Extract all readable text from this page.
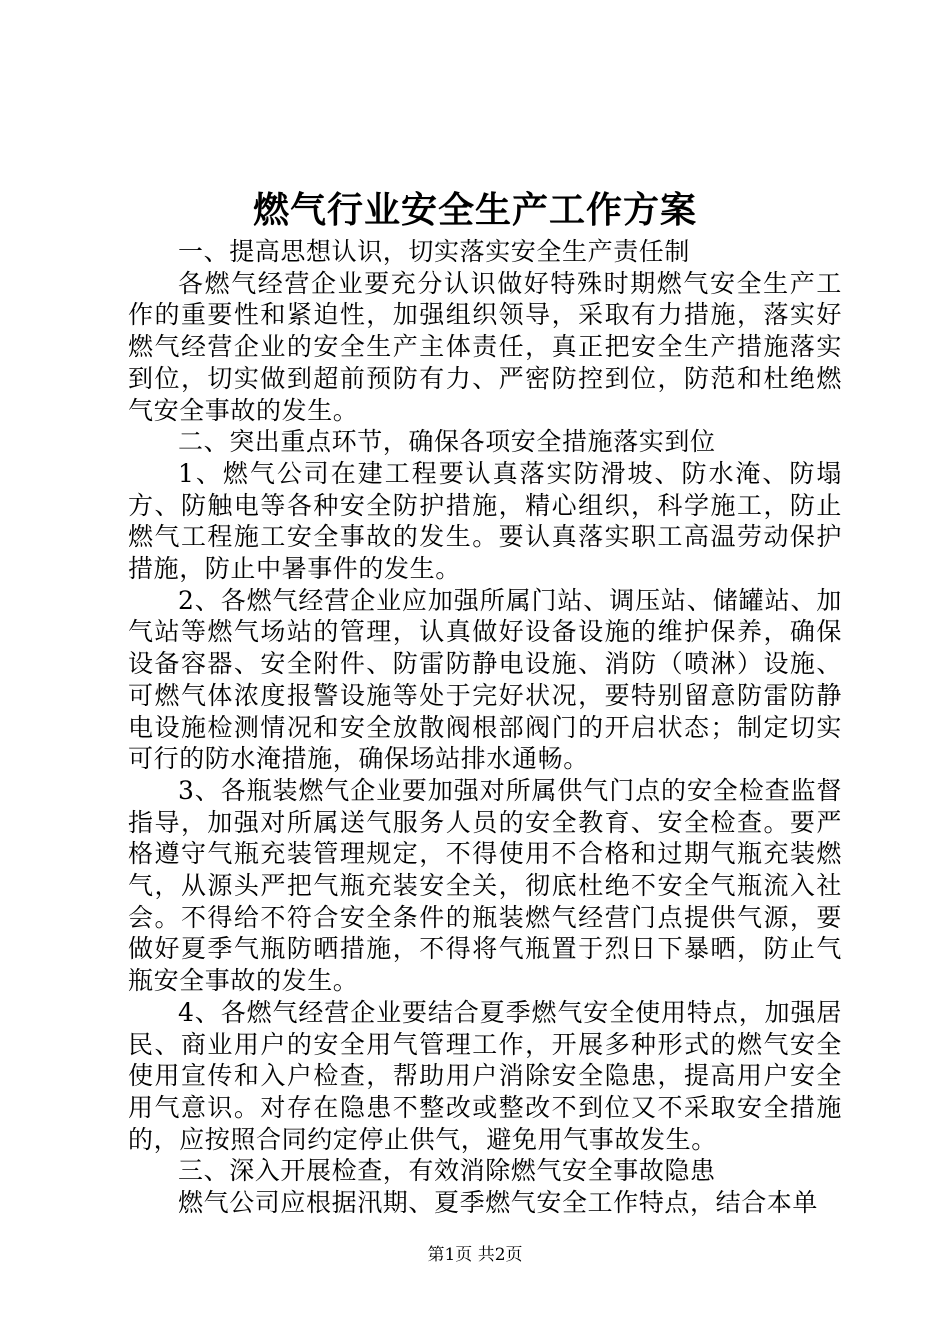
燃气行业安全生产工作方案

一、提高思想认识，切实落实安全生产责任制

各燃气经营企业要充分认识做好特殊时期燃气安全生产工作的重要性和紧迫性，加强组织领导，采取有力措施，落实好燃气经营企业的安全生产主体责任，真正把安全生产措施落实到位，切实做到超前预防有力、严密防控到位，防范和杜绝燃气安全事故的发生。

二、突出重点环节，确保各项安全措施落实到位

1、燃气公司在建工程要认真落实防滑坡、防水淹、防塌方、防触电等各种安全防护措施，精心组织，科学施工，防止燃气工程施工安全事故的发生。要认真落实职工高温劳动保护措施，防止中暑事件的发生。

2、各燃气经营企业应加强所属门站、调压站、储罐站、加气站等燃气场站的管理，认真做好设备设施的维护保养，确保设备容器、安全附件、防雷防静电设施、消防（喷淋）设施、可燃气体浓度报警设施等处于完好状况，要特别留意防雷防静电设施检测情况和安全放散阀根部阀门的开启状态；制定切实可行的防水淹措施，确保场站排水通畅。

3、各瓶装燃气企业要加强对所属供气门点的安全检查监督指导，加强对所属送气服务人员的安全教育、安全检查。要严格遵守气瓶充装管理规定，不得使用不合格和过期气瓶充装燃气，从源头严把气瓶充装安全关，彻底杜绝不安全气瓶流入社会。不得给不符合安全条件的瓶装燃气经营门点提供气源，要做好夏季气瓶防晒措施，不得将气瓶置于烈日下暴晒，防止气瓶安全事故的发生。

4、各燃气经营企业要结合夏季燃气安全使用特点，加强居民、商业用户的安全用气管理工作，开展多种形式的燃气安全使用宣传和入户检查，帮助用户消除安全隐患，提高用户安全用气意识。对存在隐患不整改或整改不到位又不采取安全措施的，应按照合同约定停止供气，避免用气事故发生。

三、深入开展检查，有效消除燃气安全事故隐患

燃气公司应根据汛期、夏季燃气安全工作特点，结合本单

第1页 共2页
